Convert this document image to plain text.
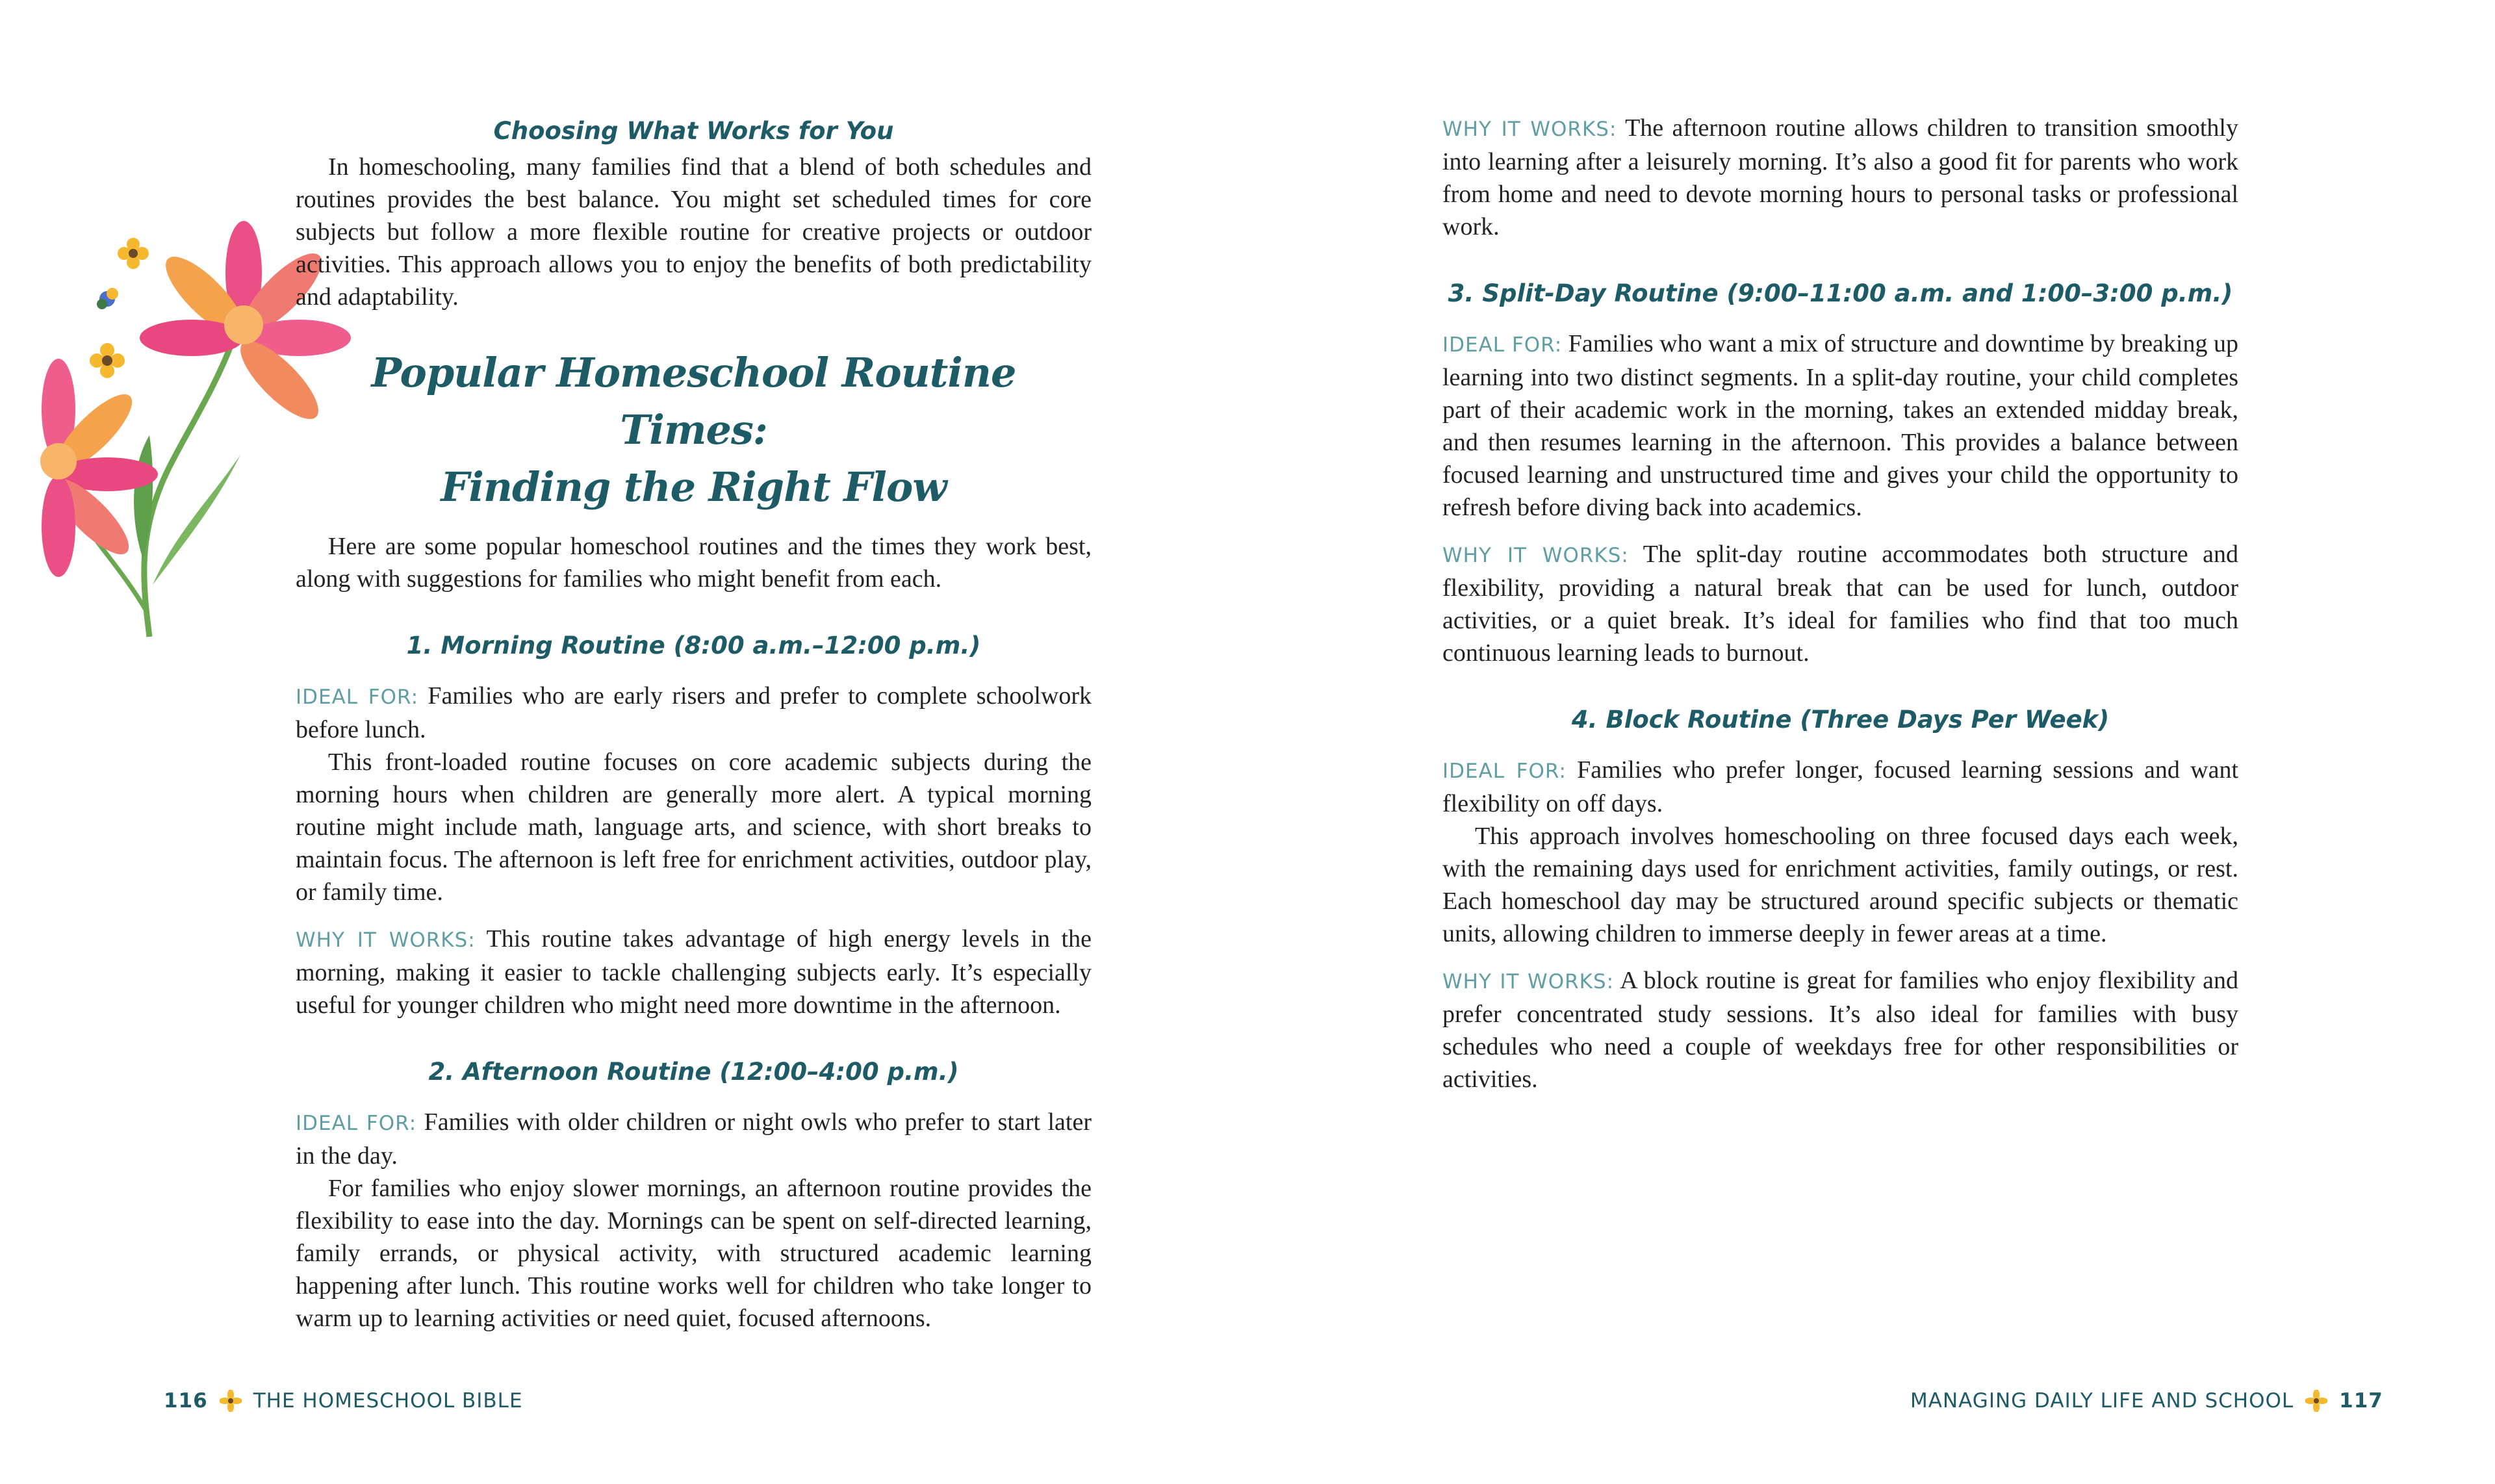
Choosing What Works for You

In homeschooling, many families find that a blend of both schedules and routines provides the best balance. You might set scheduled times for core subjects but follow a more flexible routine for creative projects or outdoor activities. This approach allows you to enjoy the benefits of both predictability and adaptability.

Popular Homeschool Routine Times:
Finding the Right Flow

Here are some popular homeschool routines and the times they work best, along with suggestions for families who might benefit from each.

1. Morning Routine (8:00 a.m.–12:00 p.m.)

IDEAL FOR: Families who are early risers and prefer to complete schoolwork before lunch.

This front-loaded routine focuses on core academic subjects during the morning hours when children are generally more alert. A typical morning routine might include math, language arts, and science, with short breaks to maintain focus. The afternoon is left free for enrichment activities, outdoor play, or family time.

WHY IT WORKS: This routine takes advantage of high energy levels in the morning, making it easier to tackle challenging subjects early. It’s especially useful for younger children who might need more downtime in the afternoon.

2. Afternoon Routine (12:00–4:00 p.m.)

IDEAL FOR: Families with older children or night owls who prefer to start later in the day.

For families who enjoy slower mornings, an afternoon routine provides the flexibility to ease into the day. Mornings can be spent on self-directed learning, family errands, or physical activity, with structured academic learning happening after lunch. This routine works well for children who take longer to warm up to learning activities or need quiet, focused afternoons.

116 THE HOMESCHOOL BIBLE

WHY IT WORKS: The afternoon routine allows children to transition smoothly into learning after a leisurely morning. It’s also a good fit for parents who work from home and need to devote morning hours to personal tasks or professional work.

3. Split-Day Routine (9:00–11:00 a.m. and 1:00–3:00 p.m.)

IDEAL FOR: Families who want a mix of structure and downtime by breaking up learning into two distinct segments. In a split-day routine, your child completes part of their academic work in the morning, takes an extended midday break, and then resumes learning in the afternoon. This provides a balance between focused learning and unstructured time and gives your child the opportunity to refresh before diving back into academics.

WHY IT WORKS: The split-day routine accommodates both structure and flexibility, providing a natural break that can be used for lunch, outdoor activities, or a quiet break. It’s ideal for families who find that too much continuous learning leads to burnout.

4. Block Routine (Three Days Per Week)

IDEAL FOR: Families who prefer longer, focused learning sessions and want flexibility on off days.

This approach involves homeschooling on three focused days each week, with the remaining days used for enrichment activities, family outings, or rest. Each homeschool day may be structured around specific subjects or thematic units, allowing children to immerse deeply in fewer areas at a time.

WHY IT WORKS: A block routine is great for families who enjoy flexibility and prefer concentrated study sessions. It’s also ideal for families with busy schedules who need a couple of weekdays free for other responsibilities or activities.

MANAGING DAILY LIFE AND SCHOOL 117
